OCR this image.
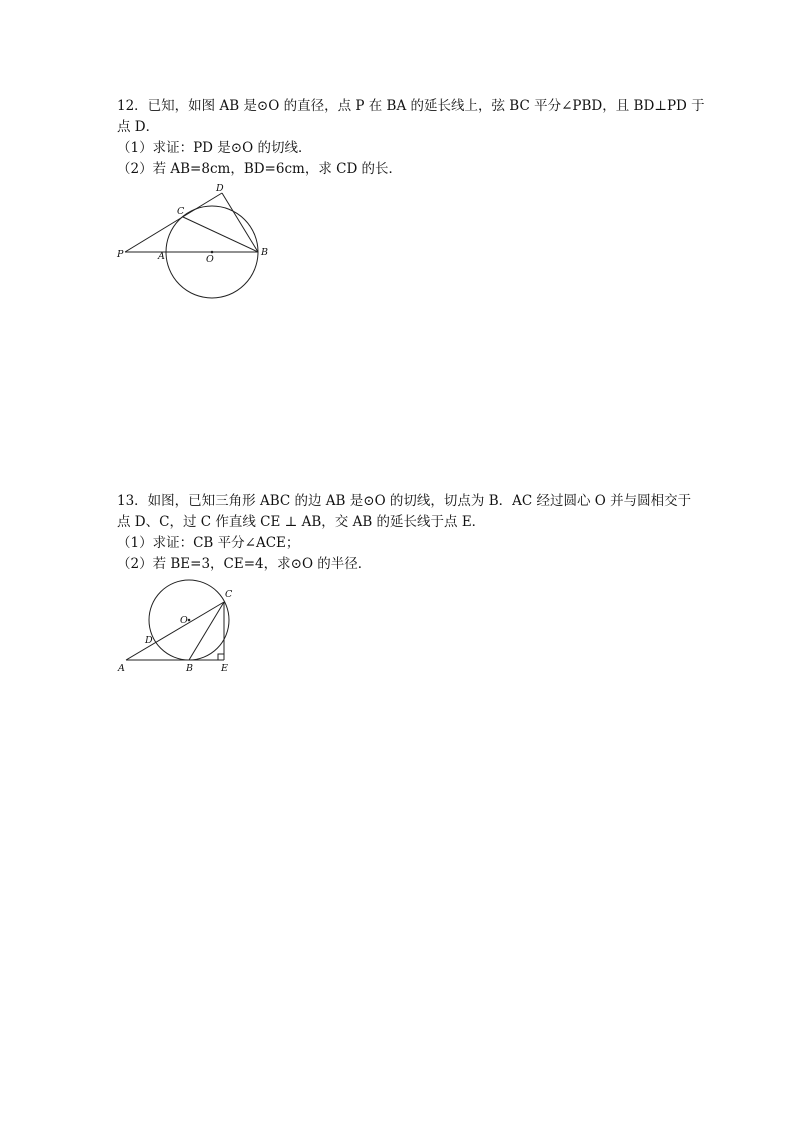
12．已知，如图 AB 是⊙O 的直径，点 P 在 BA 的延长线上，弦 BC 平分∠PBD，且 BD⊥PD 于
点 D．
（1）求证：PD 是⊙O 的切线．
（2）若 AB=8cm，BD=6cm，求 CD 的长．
P	A	O
B
C
D
13．如图，已知三角形 ABC 的边 AB 是⊙O 的切线，切点为 B．AC 经过圆心 O 并与圆相交于
点 D、C，过 C 作直线 CE ⊥ AB，交 AB 的延长线于点 E．
（1）求证：CB 平分∠ACE；
（2）若 BE=3，CE=4，求⊙O 的半径．
A	B	E
O
C
D
